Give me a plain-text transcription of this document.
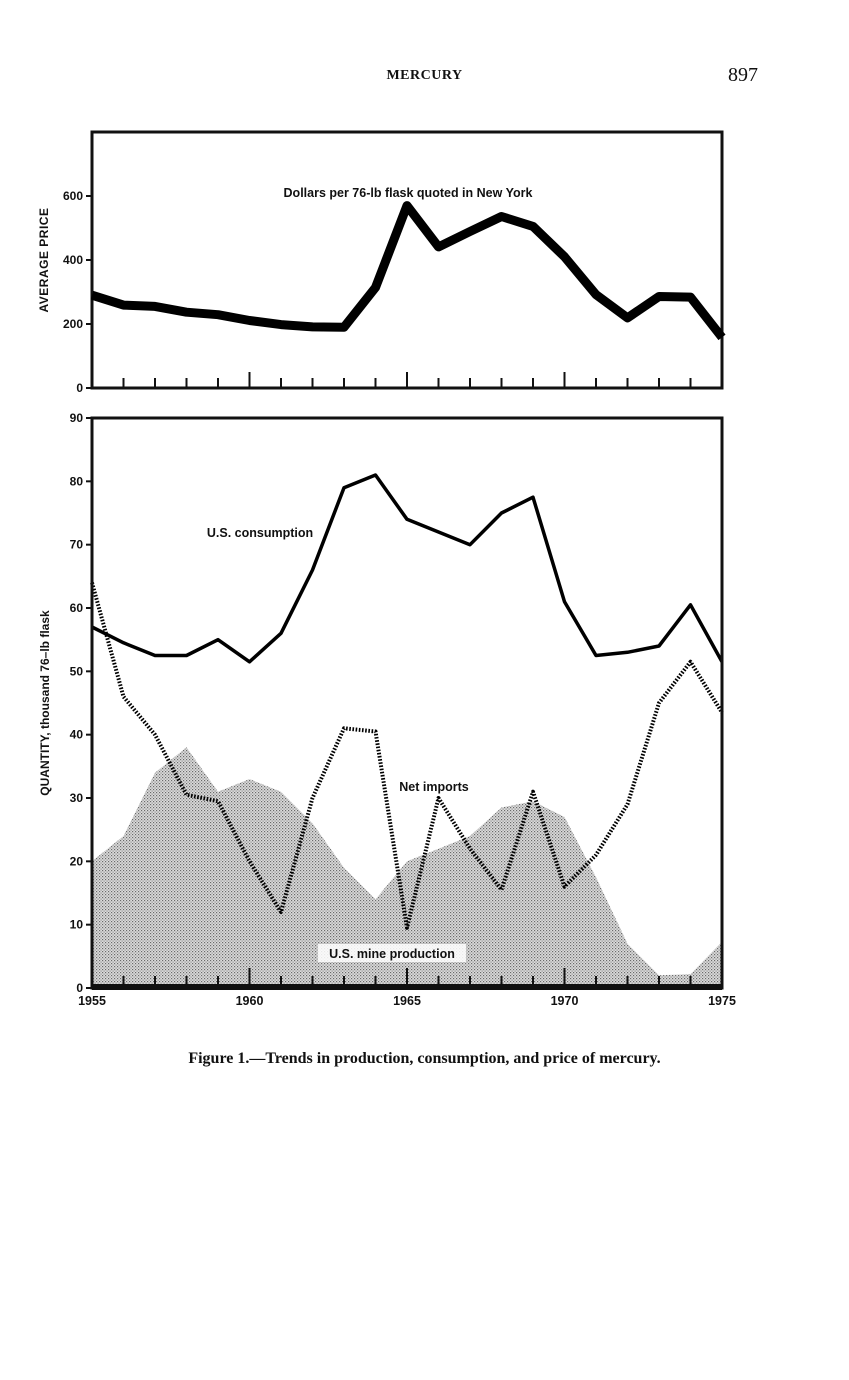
MERCURY	897
AVERAGE PRICE
Dollars per 76-lb flask quoted in New York
0
200
400
600
QUANTITY, thousand 76–lb flask
0
10
20
30
40
50
60
70
80
90
1955	1960	1965	1970	1975
U.S. consumption
Net imports
U.S. mine production
Figure 1.—Trends in production, consumption, and price of mercury.
